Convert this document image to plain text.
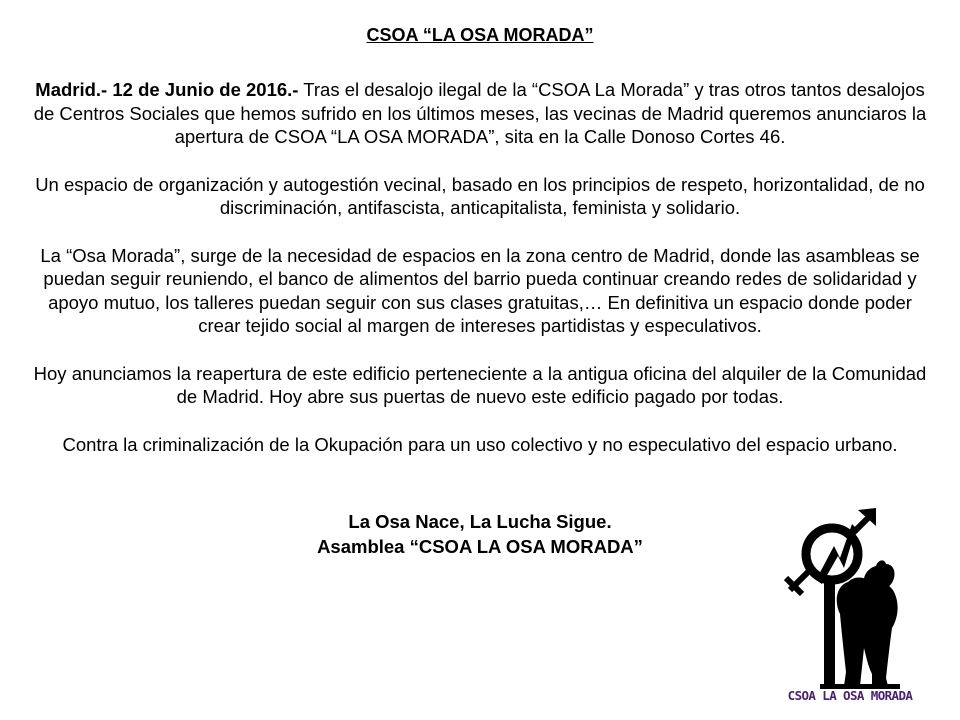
CSOA “LA OSA MORADA”

Madrid.- 12 de Junio de 2016.- Tras el desalojo ilegal de la “CSOA La Morada” y tras otros tantos desalojos de Centros Sociales que hemos sufrido en los últimos meses, las vecinas de Madrid queremos anunciaros la apertura de CSOA “LA OSA MORADA”, sita en la Calle Donoso Cortes 46.

Un espacio de organización y autogestión vecinal, basado en los principios de respeto, horizontalidad, de no discriminación, antifascista, anticapitalista, feminista y solidario.

La “Osa Morada”, surge de la necesidad de espacios en la zona centro de Madrid, donde las asambleas se puedan seguir reuniendo, el banco de alimentos del barrio pueda continuar creando redes de solidaridad y apoyo mutuo, los talleres puedan seguir con sus clases gratuitas,… En definitiva un espacio donde poder crear tejido social al margen de intereses partidistas y especulativos.

Hoy anunciamos la reapertura de este edificio perteneciente a la antigua oficina del alquiler de la Comunidad de Madrid. Hoy abre sus puertas de nuevo este edificio pagado por todas.

Contra la criminalización de la Okupación para un uso colectivo y no especulativo del espacio urbano.

La Osa Nace, La Lucha Sigue.

Asamblea “CSOA LA OSA MORADA”

CSOA LA OSA MORADA
